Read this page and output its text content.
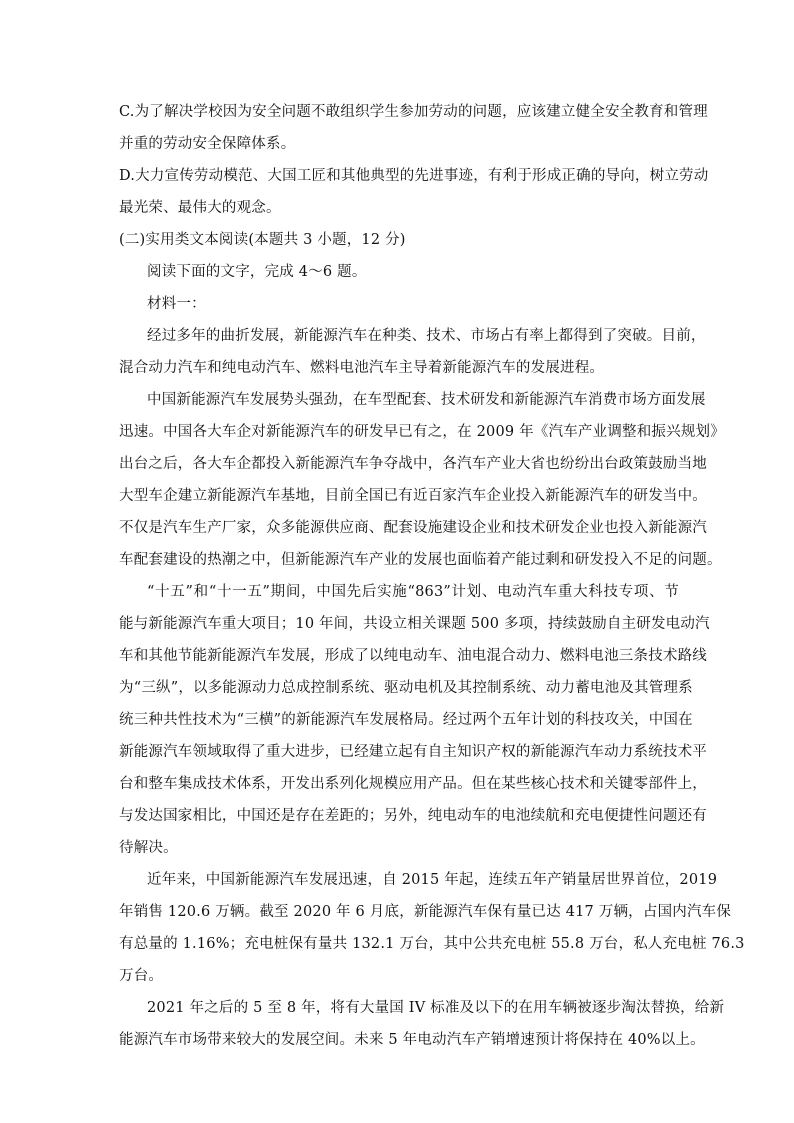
C.为了解决学校因为安全问题不敢组织学生参加劳动的问题，应该建立健全安全教育和管理
并重的劳动安全保障体系。
D.大力宣传劳动模范、大国工匠和其他典型的先进事迹，有利于形成正确的导向，树立劳动
最光荣、最伟大的观念。
(二)实用类文本阅读(本题共 3 小题，12 分)
阅读下面的文字，完成 4～6 题。
材料一：
经过多年的曲折发展，新能源汽车在种类、技术、市场占有率上都得到了突破。目前，
混合动力汽车和纯电动汽车、燃料电池汽车主导着新能源汽车的发展进程。
中国新能源汽车发展势头强劲，在车型配套、技术研发和新能源汽车消费市场方面发展
迅速。中国各大车企对新能源汽车的研发早已有之，在 2009 年《汽车产业调整和振兴规划》
出台之后，各大车企都投入新能源汽车争夺战中，各汽车产业大省也纷纷出台政策鼓励当地
大型车企建立新能源汽车基地，目前全国已有近百家汽车企业投入新能源汽车的研发当中。
不仅是汽车生产厂家，众多能源供应商、配套设施建设企业和技术研发企业也投入新能源汽
车配套建设的热潮之中，但新能源汽车产业的发展也面临着产能过剩和研发投入不足的问题。
“十五”和“十一五”期间，中国先后实施“863”计划、电动汽车重大科技专项、节
能与新能源汽车重大项目；10 年间，共设立相关课题 500 多项，持续鼓励自主研发电动汽
车和其他节能新能源汽车发展，形成了以纯电动车、油电混合动力、燃料电池三条技术路线
为“三纵”，以多能源动力总成控制系统、驱动电机及其控制系统、动力蓄电池及其管理系
统三种共性技术为“三横”的新能源汽车发展格局。经过两个五年计划的科技攻关，中国在
新能源汽车领域取得了重大进步，已经建立起有自主知识产权的新能源汽车动力系统技术平
台和整车集成技术体系，开发出系列化规模应用产品。但在某些核心技术和关键零部件上，
与发达国家相比，中国还是存在差距的；另外，纯电动车的电池续航和充电便捷性问题还有
待解决。
近年来，中国新能源汽车发展迅速，自 2015 年起，连续五年产销量居世界首位，2019
年销售 120.6 万辆。截至 2020 年 6 月底，新能源汽车保有量已达 417 万辆，占国内汽车保
有总量的 1.16%；充电桩保有量共 132.1 万台，其中公共充电桩 55.8 万台，私人充电桩 76.3
万台。
2021 年之后的 5 至 8 年，将有大量国 IV 标准及以下的在用车辆被逐步淘汰替换，给新
能源汽车市场带来较大的发展空间。未来 5 年电动汽车产销增速预计将保持在 40%以上。
